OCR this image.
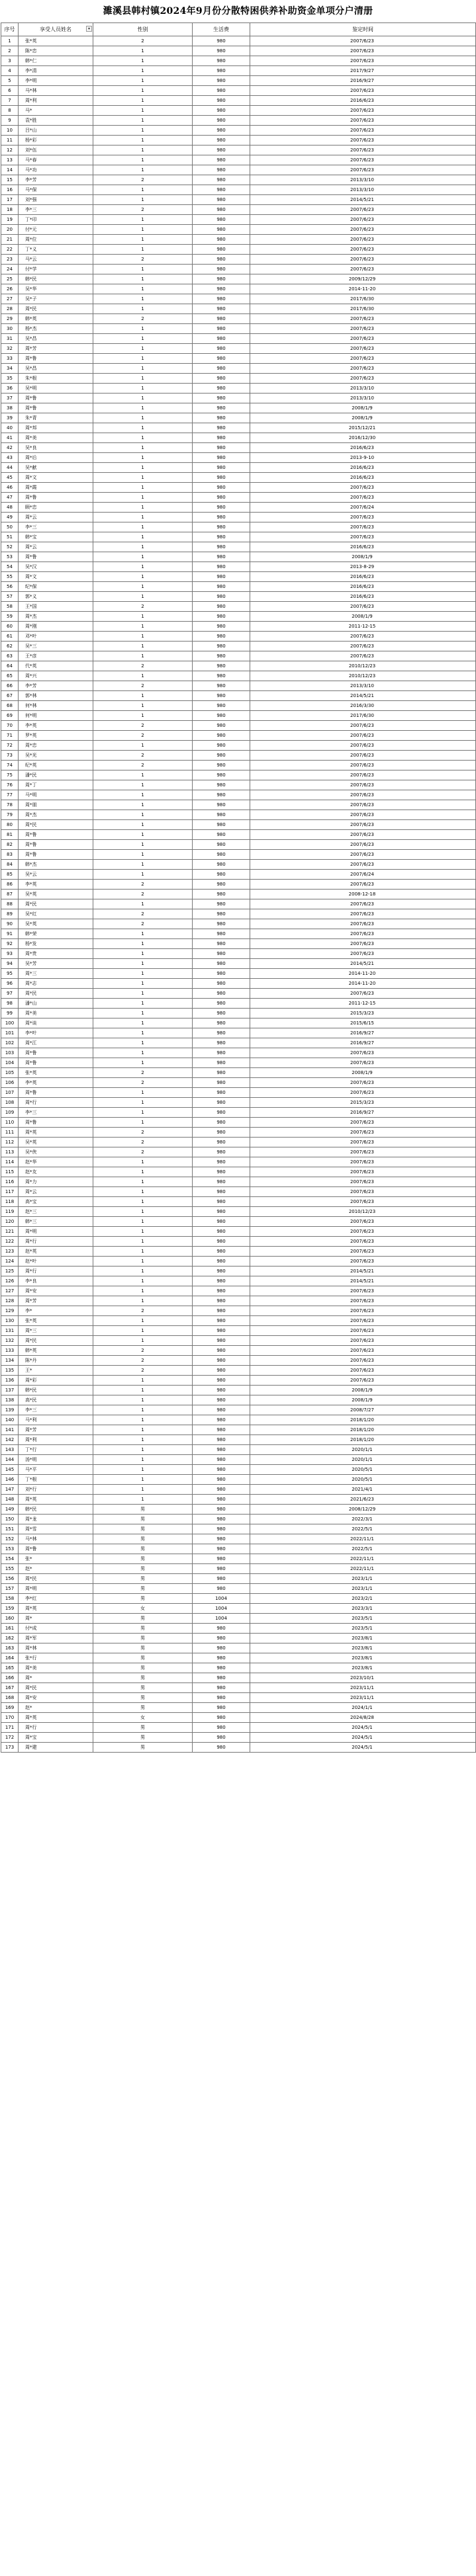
濉溪县韩村镇2024年9月份分散特困供养补助资金单项分户清册
序号	享受人员姓名 ▾	性别	生活费	鉴定时间
1	张*英	2	980	2007/6/23
2	陈*忠	1	980	2007/6/23
3	韩*仁	1	980	2007/6/23
4	李*清	1	980	2017/9/27
5	李*明	1	980	2016/9/27
6	马*林	1	980	2007/6/23
7	周*利	1	980	2016/6/23
8	马*	1	980	2007/6/23
9	袁*胜	1	980	2007/6/23
10	吕*山	1	980	2007/6/23
11	杨*彩	1	980	2007/6/23
12	刘*伍	1	980	2007/6/23
13	马*春	1	980	2007/6/23
14	马*功	1	980	2007/6/23
15	李*芳	2	980	2013/3/10
16	马*保	1	980	2013/3/10
17	刘*强	1	980	2014/5/21
18	李*三	2	980	2007/6/23
19	丁*印	1	980	2007/6/23
20	付*元	1	980	2007/6/23
21	周*位	1	980	2007/6/23
22	丁*义	1	980	2007/6/23
23	马*云	2	980	2007/6/23
24	付*学	1	980	2007/6/23
25	韩*民	1	980	2009/12/29
26	吴*华	1	980	2014-11-20
27	吴*子	1	980	2017/6/30
28	周*民	1	980	2017/6/30
29	韩*英	2	980	2007/6/23
30	杨*杰	1	980	2007/6/23
31	吴*昌	1	980	2007/6/23
32	周*芳	1	980	2007/6/23
33	周*鲁	1	980	2007/6/23
34	吴*昌	1	980	2007/6/23
35	朱*根	1	980	2007/6/23
36	吴*明	1	980	2013/3/10
37	周*鲁	1	980	2013/3/10
38	周*鲁	1	980	2008/1/9
39	朱*青	1	980	2008/1/9
40	周*邦	1	980	2015/12/21
41	周*美	1	980	2016/12/30
42	吴*良	1	980	2016/6/23
43	周*后	1	980	2013-9-10
44	吴*献	1	980	2016/6/23
45	周*文	1	980	2016/6/23
46	周*霞	1	980	2007/6/23
47	周*鲁	1	980	2007/6/23
48	顾*忠	1	980	2007/6/24
49	周*云	1	980	2007/6/23
50	李*三	1	980	2007/6/23
51	韩*宝	1	980	2007/6/23
52	周*云	1	980	2016/6/23
53	周*鲁	1	980	2008/1/9
54	吴*汉	1	980	2013-8-29
55	周*文	1	980	2016/6/23
56	纪*保	1	980	2016/6/23
57	郭*义	1	980	2016/6/23
58	王*国	2	980	2007/6/23
59	周*杰	1	980	2008/1/9
60	周*刚	1	980	2011-12-15
61	邓*叶	1	980	2007/6/23
62	吴*三	1	980	2007/6/23
63	王*彦	1	980	2007/6/23
64	代*英	2	980	2010/12/23
65	周*兴	1	980	2010/12/23
66	李*芳	2	980	2013/3/10
67	郭*林	1	980	2014/5/21
68	何*林	1	980	2016/3/30
69	何*明	1	980	2017/6/30
70	李*英	2	980	2007/6/23
71	罗*英	2	980	2007/6/23
72	周*忠	1	980	2007/6/23
73	吴*光	2	980	2007/6/23
74	纪*英	2	980	2007/6/23
75	潘*民	1	980	2007/6/23
76	周*丁	1	980	2007/6/23
77	马*明	1	980	2007/6/23
78	周*朋	1	980	2007/6/23
79	周*杰	1	980	2007/6/23
80	周*民	1	980	2007/6/23
81	周*鲁	1	980	2007/6/23
82	周*鲁	1	980	2007/6/23
83	周*鲁	1	980	2007/6/23
84	韩*杰	1	980	2007/6/23
85	吴*云	1	980	2007/6/24
86	李*英	2	980	2007/6/23
87	吴*英	2	980	2008-12-18
88	周*民	1	980	2007/6/23
89	吴*红	2	980	2007/6/23
90	吴*英	2	980	2007/6/23
91	韩*荣	1	980	2007/6/23
92	杨*发	1	980	2007/6/23
93	周*贵	1	980	2007/6/23
94	吴*芳	1	980	2014/5/21
95	周*三	1	980	2014-11-20
96	周*志	1	980	2014-11-20
97	周*民	1	980	2007/6/23
98	潘*山	1	980	2011-12-15
99	周*美	1	980	2015/3/23
100	周*谈	1	980	2015/6/15
101	李*叶	1	980	2016/9/27
102	周*江	1	980	2016/9/27
103	周*鲁	1	980	2007/6/23
104	周*鲁	1	980	2007/6/23
105	张*英	2	980	2008/1/9
106	李*英	2	980	2007/6/23
107	周*鲁	1	980	2007/6/23
108	周*行	1	980	2015/3/23
109	李*三	1	980	2016/9/27
110	周*鲁	1	980	2007/6/23
111	周*英	2	980	2007/6/23
112	吴*英	2	980	2007/6/23
113	吴*侠	2	980	2007/6/23
114	赵*华	1	980	2007/6/23
115	赵*友	1	980	2007/6/23
116	周*力	1	980	2007/6/23
117	周*云	1	980	2007/6/23
118	高*宝	1	980	2007/6/23
119	赵*三	1	980	2010/12/23
120	韩*三	1	980	2007/6/23
121	周*明	1	980	2007/6/23
122	周*行	1	980	2007/6/23
123	赵*英	1	980	2007/6/23
124	赵*叶	1	980	2007/6/23
125	周*行	1	980	2014/5/21
126	李*良	1	980	2014/5/21
127	周*安	1	980	2007/6/23
128	周*芳	1	980	2007/6/23
129	李*	2	980	2007/6/23
130	张*英	1	980	2007/6/23
131	周*三	1	980	2007/6/23
132	周*民	1	980	2007/6/23
133	韩*英	2	980	2007/6/23
134	陈*丹	2	980	2007/6/23
135	王*	2	980	2007/6/23
136	周*彩	1	980	2007/6/23
137	韩*民	1	980	2008/1/9
138	高*民	1	980	2008/1/9
139	李*三	1	980	2008/7/27
140	马*利	1	980	2018/1/20
141	周*芳	1	980	2018/1/20
142	周*利	1	980	2018/1/20
143	丁*行	1	980	2020/1/1
144	汤*明	1	980	2020/1/1
145	马*平	1	980	2020/5/1
146	丁*根	1	980	2020/5/1
147	刘*行	1	980	2021/4/1
148	周*英	1	980	2021/6/23
149	韩*民	男	980	2008/12/29
150	周*龙	男	980	2022/3/1
151	周*雪	男	980	2022/5/1
152	马*林	男	980	2022/11/1
153	周*鲁	男	980	2022/5/1
154	张*	男	980	2022/11/1
155	赵*	男	980	2022/11/1
156	周*民	男	980	2023/1/1
157	周*明	男	980	2023/1/1
158	李*红	男	1004	2023/2/1
159	周*英	女	1004	2023/3/1
160	周*	男	1004	2023/5/1
161	付*成	男	980	2023/5/1
162	周*军	男	980	2023/8/1
163	周*林	男	980	2023/8/1
164	张*行	男	980	2023/8/1
165	周*美	男	980	2023/8/1
166	周*	男	980	2023/10/1
167	周*民	男	980	2023/11/1
168	周*安	男	980	2023/11/1
169	赵*	男	980	2024/1/1
170	周*英	女	980	2024/8/28
171	周*行	男	980	2024/5/1
172	周*宝	男	980	2024/5/1
173	周*建	男	980	2024/5/1
